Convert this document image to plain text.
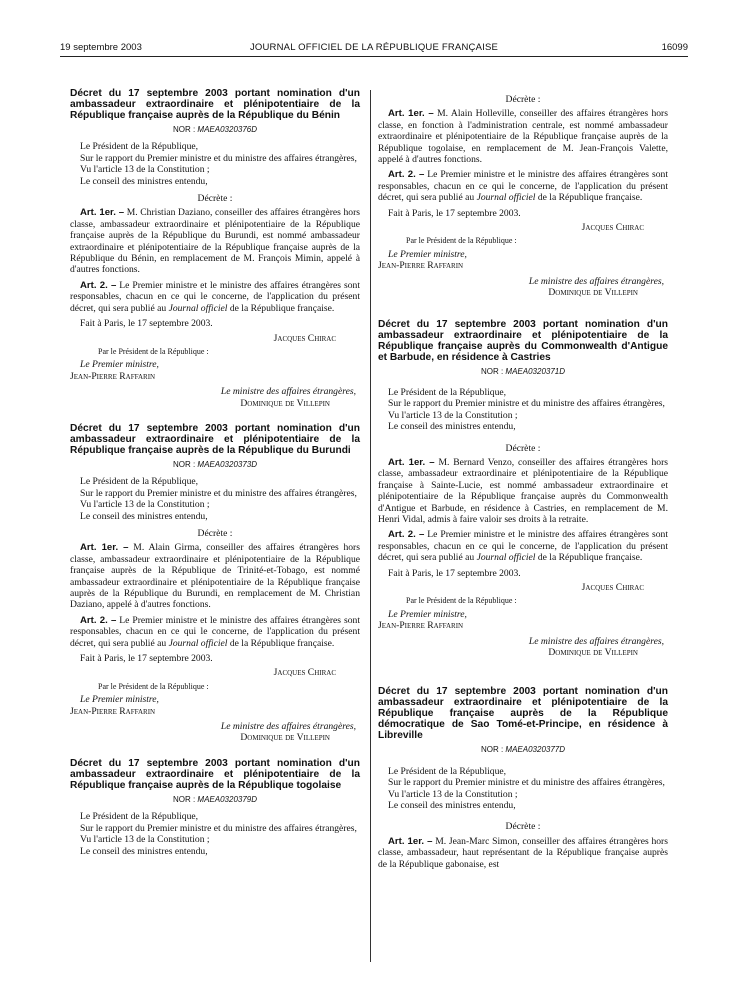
19 septembre 2003	JOURNAL OFFICIEL DE LA RÉPUBLIQUE FRANÇAISE	16099

Décret du 17 septembre 2003 portant nomination d'un ambassadeur extraordinaire et plénipotentiaire de la République française auprès de la République du Bénin

NOR : MAEA0320376D

Le Président de la République,

Sur le rapport du Premier ministre et du ministre des affaires étrangères,

Vu l'article 13 de la Constitution ;

Le conseil des ministres entendu,

Décrète :

Art. 1er. – M. Christian Daziano, conseiller des affaires étrangères hors classe, ambassadeur extraordinaire et plénipotentiaire de la République française auprès de la République du Burundi, est nommé ambassadeur extraordinaire et plénipotentiaire de la République française auprès de la République du Bénin, en remplacement de M. François Mimin, appelé à d'autres fonctions.

Art. 2. – Le Premier ministre et le ministre des affaires étrangères sont responsables, chacun en ce qui le concerne, de l'application du présent décret, qui sera publié au Journal officiel de la République française.

Fait à Paris, le 17 septembre 2003.

Jacques Chirac

Par le Président de la République :

Le Premier ministre,

Jean-Pierre Raffarin

Le ministre des affaires étrangères,

Dominique de Villepin

Décret du 17 septembre 2003 portant nomination d'un ambassadeur extraordinaire et plénipotentiaire de la République française auprès de la République du Burundi

NOR : MAEA0320373D

Le Président de la République,

Sur le rapport du Premier ministre et du ministre des affaires étrangères,

Vu l'article 13 de la Constitution ;

Le conseil des ministres entendu,

Décrète :

Art. 1er. – M. Alain Girma, conseiller des affaires étrangères hors classe, ambassadeur extraordinaire et plénipotentiaire de la République française auprès de la République de Trinité-et-Tobago, est nommé ambassadeur extraordinaire et plénipotentiaire de la République française auprès de la République du Burundi, en remplacement de M. Christian Daziano, appelé à d'autres fonctions.

Art. 2. – Le Premier ministre et le ministre des affaires étrangères sont responsables, chacun en ce qui le concerne, de l'application du présent décret, qui sera publié au Journal officiel de la République française.

Fait à Paris, le 17 septembre 2003.

Jacques Chirac

Par le Président de la République :

Le Premier ministre,

Jean-Pierre Raffarin

Le ministre des affaires étrangères,

Dominique de Villepin

Décret du 17 septembre 2003 portant nomination d'un ambassadeur extraordinaire et plénipotentiaire de la République française auprès de la République togolaise

NOR : MAEA0320379D

Le Président de la République,

Sur le rapport du Premier ministre et du ministre des affaires étrangères,

Vu l'article 13 de la Constitution ;

Le conseil des ministres entendu,

Décrète :

Art. 1er. – M. Alain Holleville, conseiller des affaires étrangères hors classe, en fonction à l'administration centrale, est nommé ambassadeur extraordinaire et plénipotentiaire de la République française auprès de la République togolaise, en remplacement de M. Jean-François Valette, appelé à d'autres fonctions.

Art. 2. – Le Premier ministre et le ministre des affaires étrangères sont responsables, chacun en ce qui le concerne, de l'application du présent décret, qui sera publié au Journal officiel de la République française.

Fait à Paris, le 17 septembre 2003.

Jacques Chirac

Par le Président de la République :

Le Premier ministre,

Jean-Pierre Raffarin

Le ministre des affaires étrangères,

Dominique de Villepin

Décret du 17 septembre 2003 portant nomination d'un ambassadeur extraordinaire et plénipotentiaire de la République française auprès du Commonwealth d'Antigue et Barbude, en résidence à Castries

NOR : MAEA0320371D

Le Président de la République,

Sur le rapport du Premier ministre et du ministre des affaires étrangères,

Vu l'article 13 de la Constitution ;

Le conseil des ministres entendu,

Décrète :

Art. 1er. – M. Bernard Venzo, conseiller des affaires étrangères hors classe, ambassadeur extraordinaire et plénipotentiaire de la République française à Sainte-Lucie, est nommé ambassadeur extraordinaire et plénipotentiaire de la République française auprès du Commonwealth d'Antigue et Barbude, en résidence à Castries, en remplacement de M. Henri Vidal, admis à faire valoir ses droits à la retraite.

Art. 2. – Le Premier ministre et le ministre des affaires étrangères sont responsables, chacun en ce qui le concerne, de l'application du présent décret, qui sera publié au Journal officiel de la République française.

Fait à Paris, le 17 septembre 2003.

Jacques Chirac

Par le Président de la République :

Le Premier ministre,

Jean-Pierre Raffarin

Le ministre des affaires étrangères,

Dominique de Villepin

Décret du 17 septembre 2003 portant nomination d'un ambassadeur extraordinaire et plénipotentiaire de la République française auprès de la République démocratique de Sao Tomé-et-Principe, en résidence à Libreville

NOR : MAEA0320377D

Le Président de la République,

Sur le rapport du Premier ministre et du ministre des affaires étrangères,

Vu l'article 13 de la Constitution ;

Le conseil des ministres entendu,

Décrète :

Art. 1er. – M. Jean-Marc Simon, conseiller des affaires étrangères hors classe, ambassadeur, haut représentant de la République française auprès de la République gabonaise, est
